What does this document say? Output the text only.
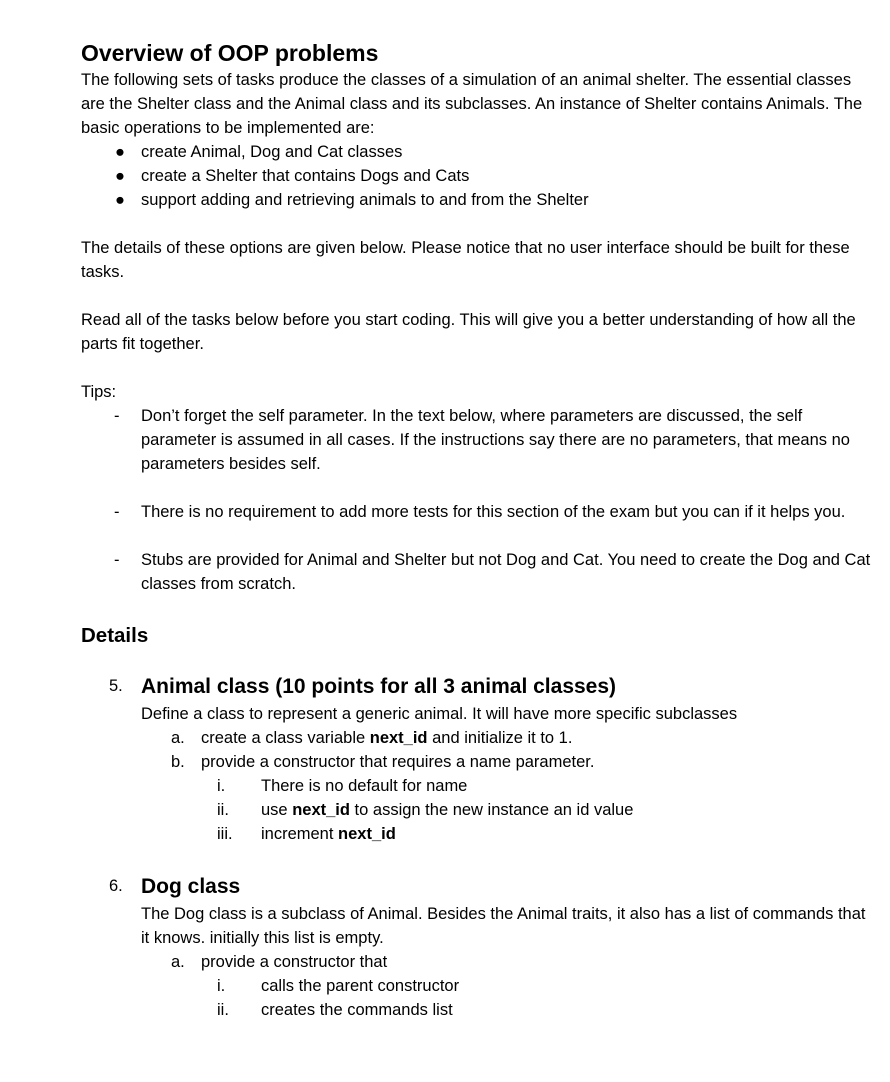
Overview of OOP problems

The following sets of tasks produce the classes of a simulation of an animal shelter. The essential classes are the Shelter class and the Animal class and its subclasses. An instance of Shelter contains Animals. The basic operations to be implemented are:

● create Animal, Dog and Cat classes
● create a Shelter that contains Dogs and Cats
● support adding and retrieving animals to and from the Shelter

The details of these options are given below. Please notice that no user interface should be built for these tasks.

Read all of the tasks below before you start coding. This will give you a better understanding of how all the parts fit together.

Tips:

- Don’t forget the self parameter. In the text below, where parameters are discussed, the self parameter is assumed in all cases. If the instructions say there are no parameters, that means no parameters besides self.
- There is no requirement to add more tests for this section of the exam but you can if it helps you.
- Stubs are provided for Animal and Shelter but not Dog and Cat. You need to create the Dog and Cat classes from scratch.
Details
5. Animal class (10 points for all 3 animal classes)

Define a class to represent a generic animal. It will have more specific subclasses

a. create a class variable next_id and initialize it to 1.
b. provide a constructor that requires a name parameter.
i.	There is no default for name
ii.	use next_id to assign the new instance an id value
iii.	increment next_id
6. Dog class

The Dog class is a subclass of Animal. Besides the Animal traits, it also has a list of commands that it knows. initially this list is empty.

a. provide a constructor that
i.	calls the parent constructor
ii.	creates the commands list
